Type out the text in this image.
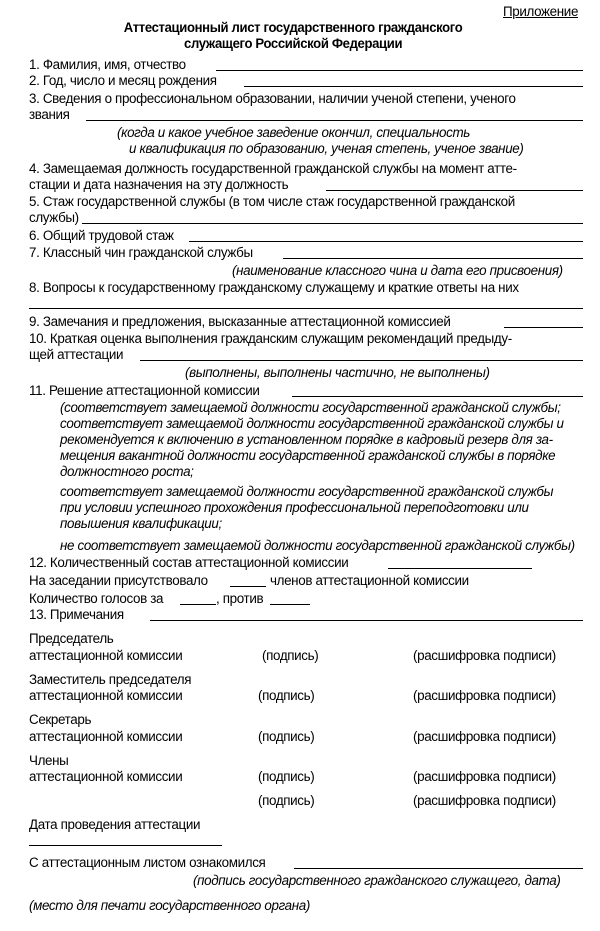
Приложение
Аттестационный лист государственного гражданского
служащего Российской Федерации
1. Фамилия, имя, отчество
2. Год, число и месяц рождения
3. Сведения о профессиональном образовании, наличии ученой степени, ученого
звания
(когда и какое учебное заведение окончил, специальность
и квалификация по образованию, ученая степень, ученое звание)
4. Замещаемая должность государственной гражданской службы на момент атте-
стации и дата назначения на эту должность
5. Стаж государственной службы (в том числе стаж государственной гражданской
службы)
6. Общий трудовой стаж
7. Классный чин гражданской службы
(наименование классного чина и дата его присвоения)
8. Вопросы к государственному гражданскому служащему и краткие ответы на них
9. Замечания и предложения, высказанные аттестационной комиссией
10. Краткая оценка выполнения гражданским служащим рекомендаций предыду-
щей аттестации
(выполнены, выполнены частично, не выполнены)
11. Решение аттестационной комиссии
(соответствует замещаемой должности государственной гражданской службы;
соответствует замещаемой должности государственной гражданской службы и
рекомендуется к включению в установленном порядке в кадровый резерв для за-
мещения вакантной должности государственной гражданской службы в порядке
должностного роста;
соответствует замещаемой должности государственной гражданской службы
при условии успешного прохождения профессиональной переподготовки или
повышения квалификации;
не соответствует замещаемой должности государственной гражданской службы)
12. Количественный состав аттестационной комиссии
На заседании присутствовало	членов аттестационной комиссии
Количество голосов за	, против
13. Примечания
Председатель
аттестационной комиссии	(подпись)	(расшифровка подписи)
Заместитель председателя
аттестационной комиссии	(подпись)	(расшифровка подписи)
Секретарь
аттестационной комиссии	(подпись)	(расшифровка подписи)
Члены
аттестационной комиссии	(подпись)	(расшифровка подписи)
(подпись)	(расшифровка подписи)
Дата проведения аттестации
С аттестационным листом ознакомился
(подпись государственного гражданского служащего, дата)
(место для печати государственного органа)
